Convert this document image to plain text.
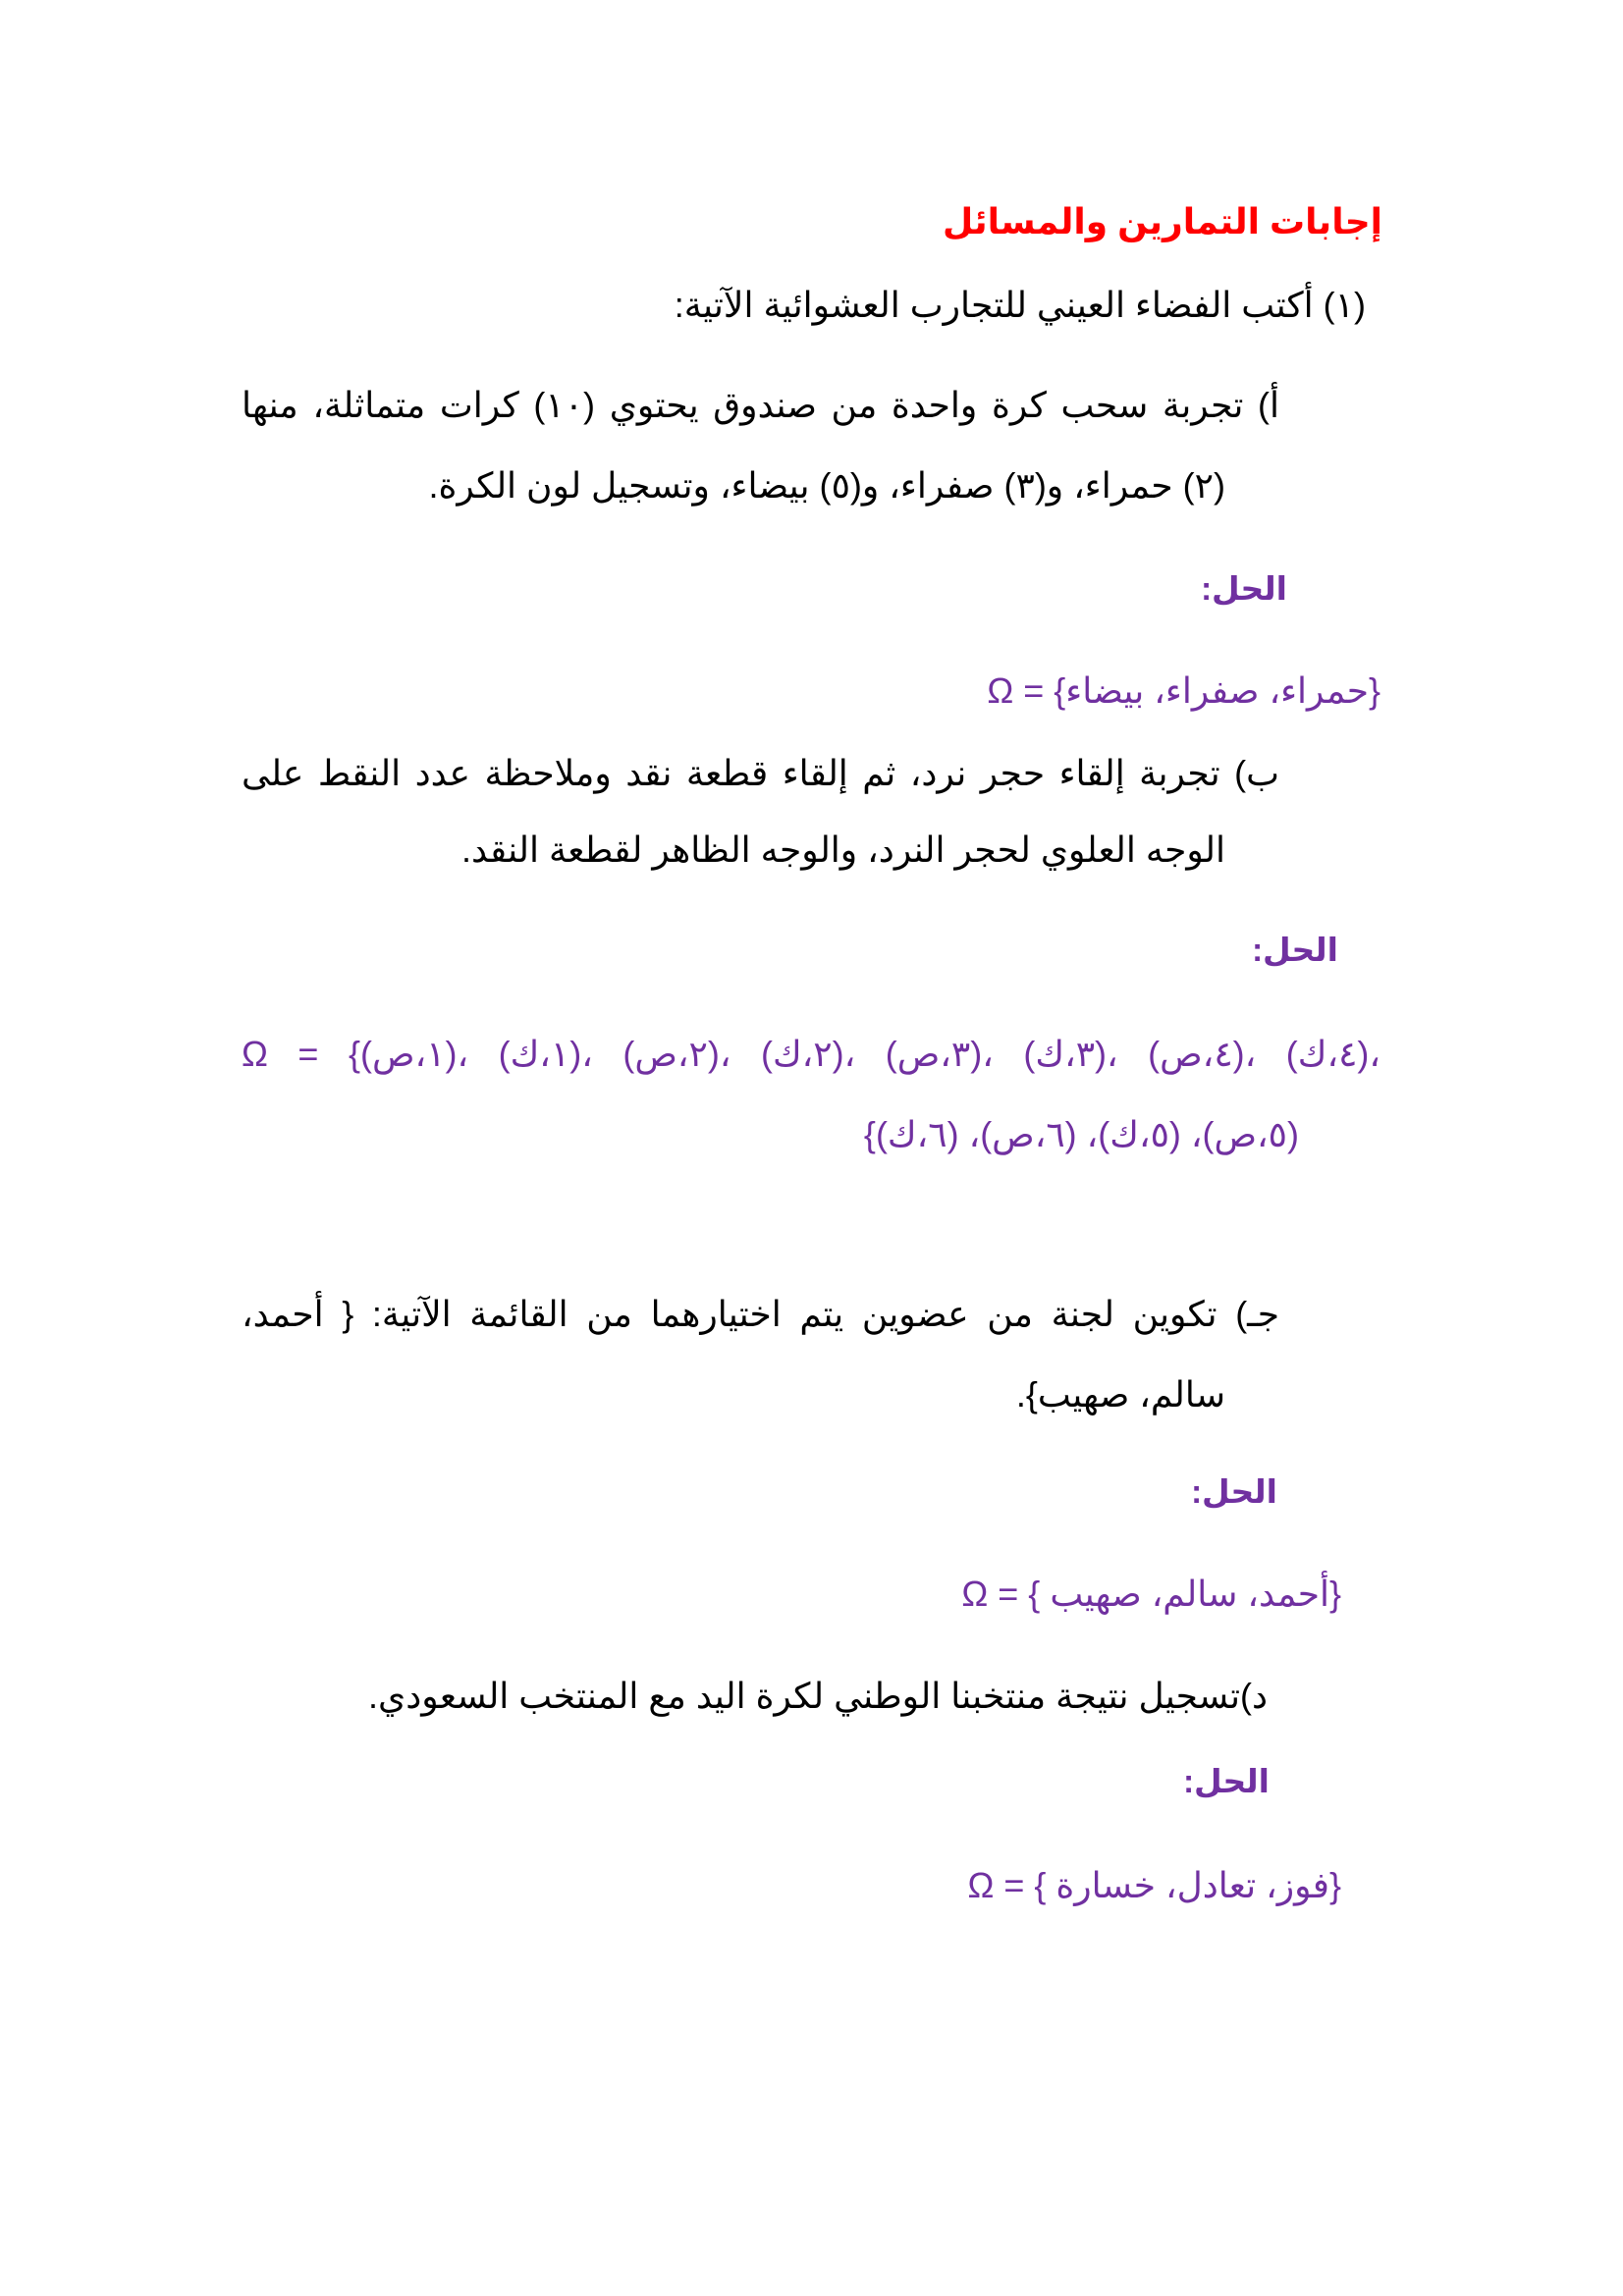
إجابات التمارين والمسائل
(١) أكتب الفضاء العيني للتجارب العشوائية الآتية:
أ) تجربة سحب كرة واحدة من صندوق يحتوي (١٠) كرات متماثلة، منها
(٢) حمراء، و(٣) صفراء، و(٥) بيضاء، وتسجيل لون الكرة.
الحل:
Ω = {حمراء، صفراء، بيضاء}
ب) تجربة إلقاء حجر نرد، ثم إلقاء قطعة نقد وملاحظة عدد النقط على
الوجه العلوي لحجر النرد، والوجه الظاهر لقطعة النقد.
الحل:
Ω = {(١،ص)، (١،ك)، (٢،ص)، (٢،ك)، (٣،ص)، (٣،ك)، (٤،ص)، (٤،ك)،
(٥،ص)، (٥،ك)، (٦،ص)، (٦،ك)}
جـ) تكوين لجنة من عضوين يتم اختيارهما من القائمة الآتية: { أحمد،
سالم، صهيب}.
الحل:
Ω = { أحمد، سالم، صهيب}
د)تسجيل نتيجة منتخبنا الوطني لكرة اليد مع المنتخب السعودي.
الحل:
Ω = { فوز، تعادل، خسارة}
